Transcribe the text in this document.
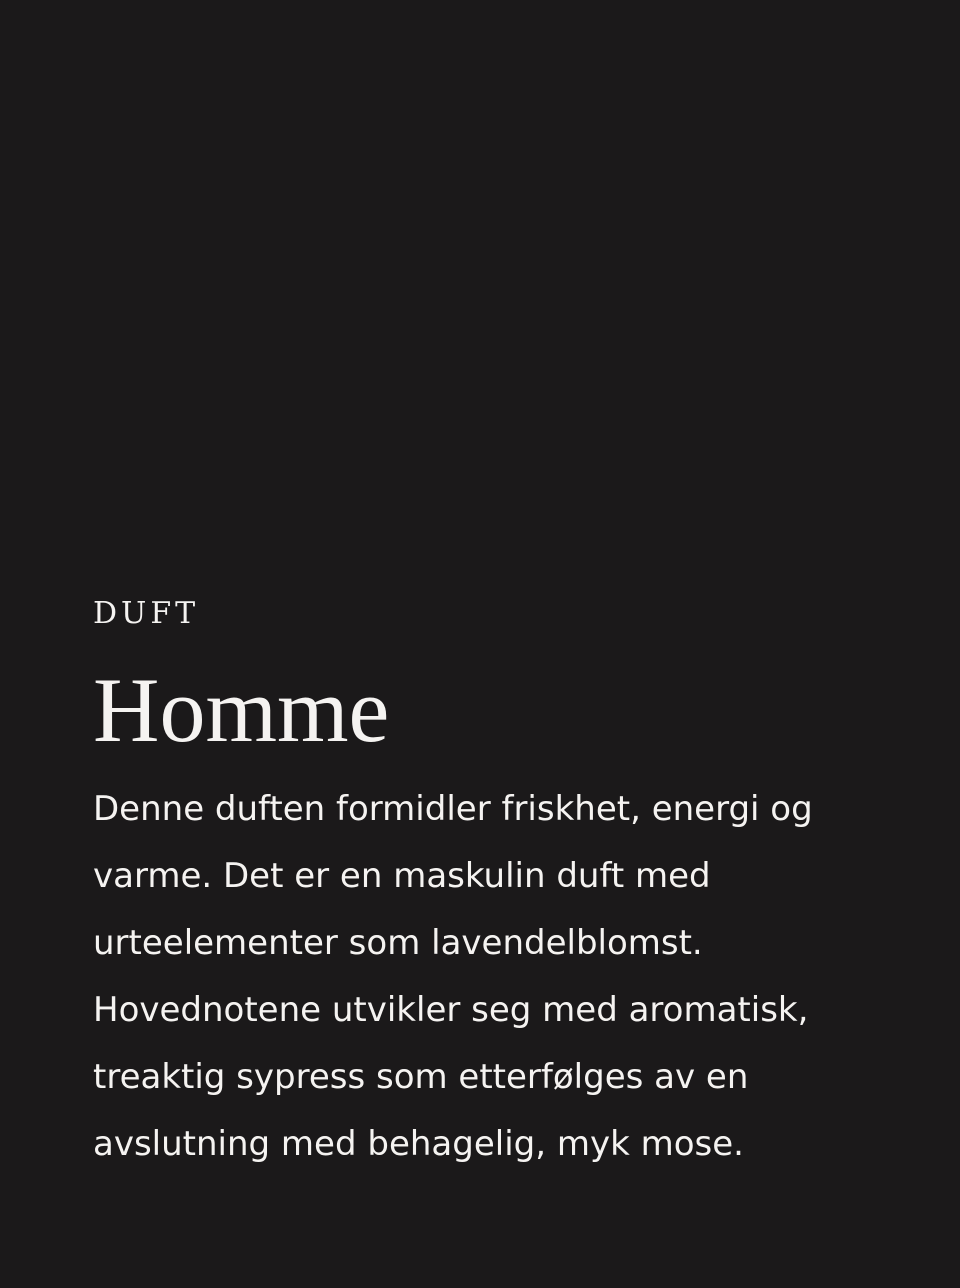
DUFT

Homme

Denne duften formidler friskhet, energi og varme. Det er en maskulin duft med urteelementer som lavendelblomst. Hovednotene utvikler seg med aromatisk, treaktig sypress som etterfølges av en avslutning med behagelig, myk mose.
